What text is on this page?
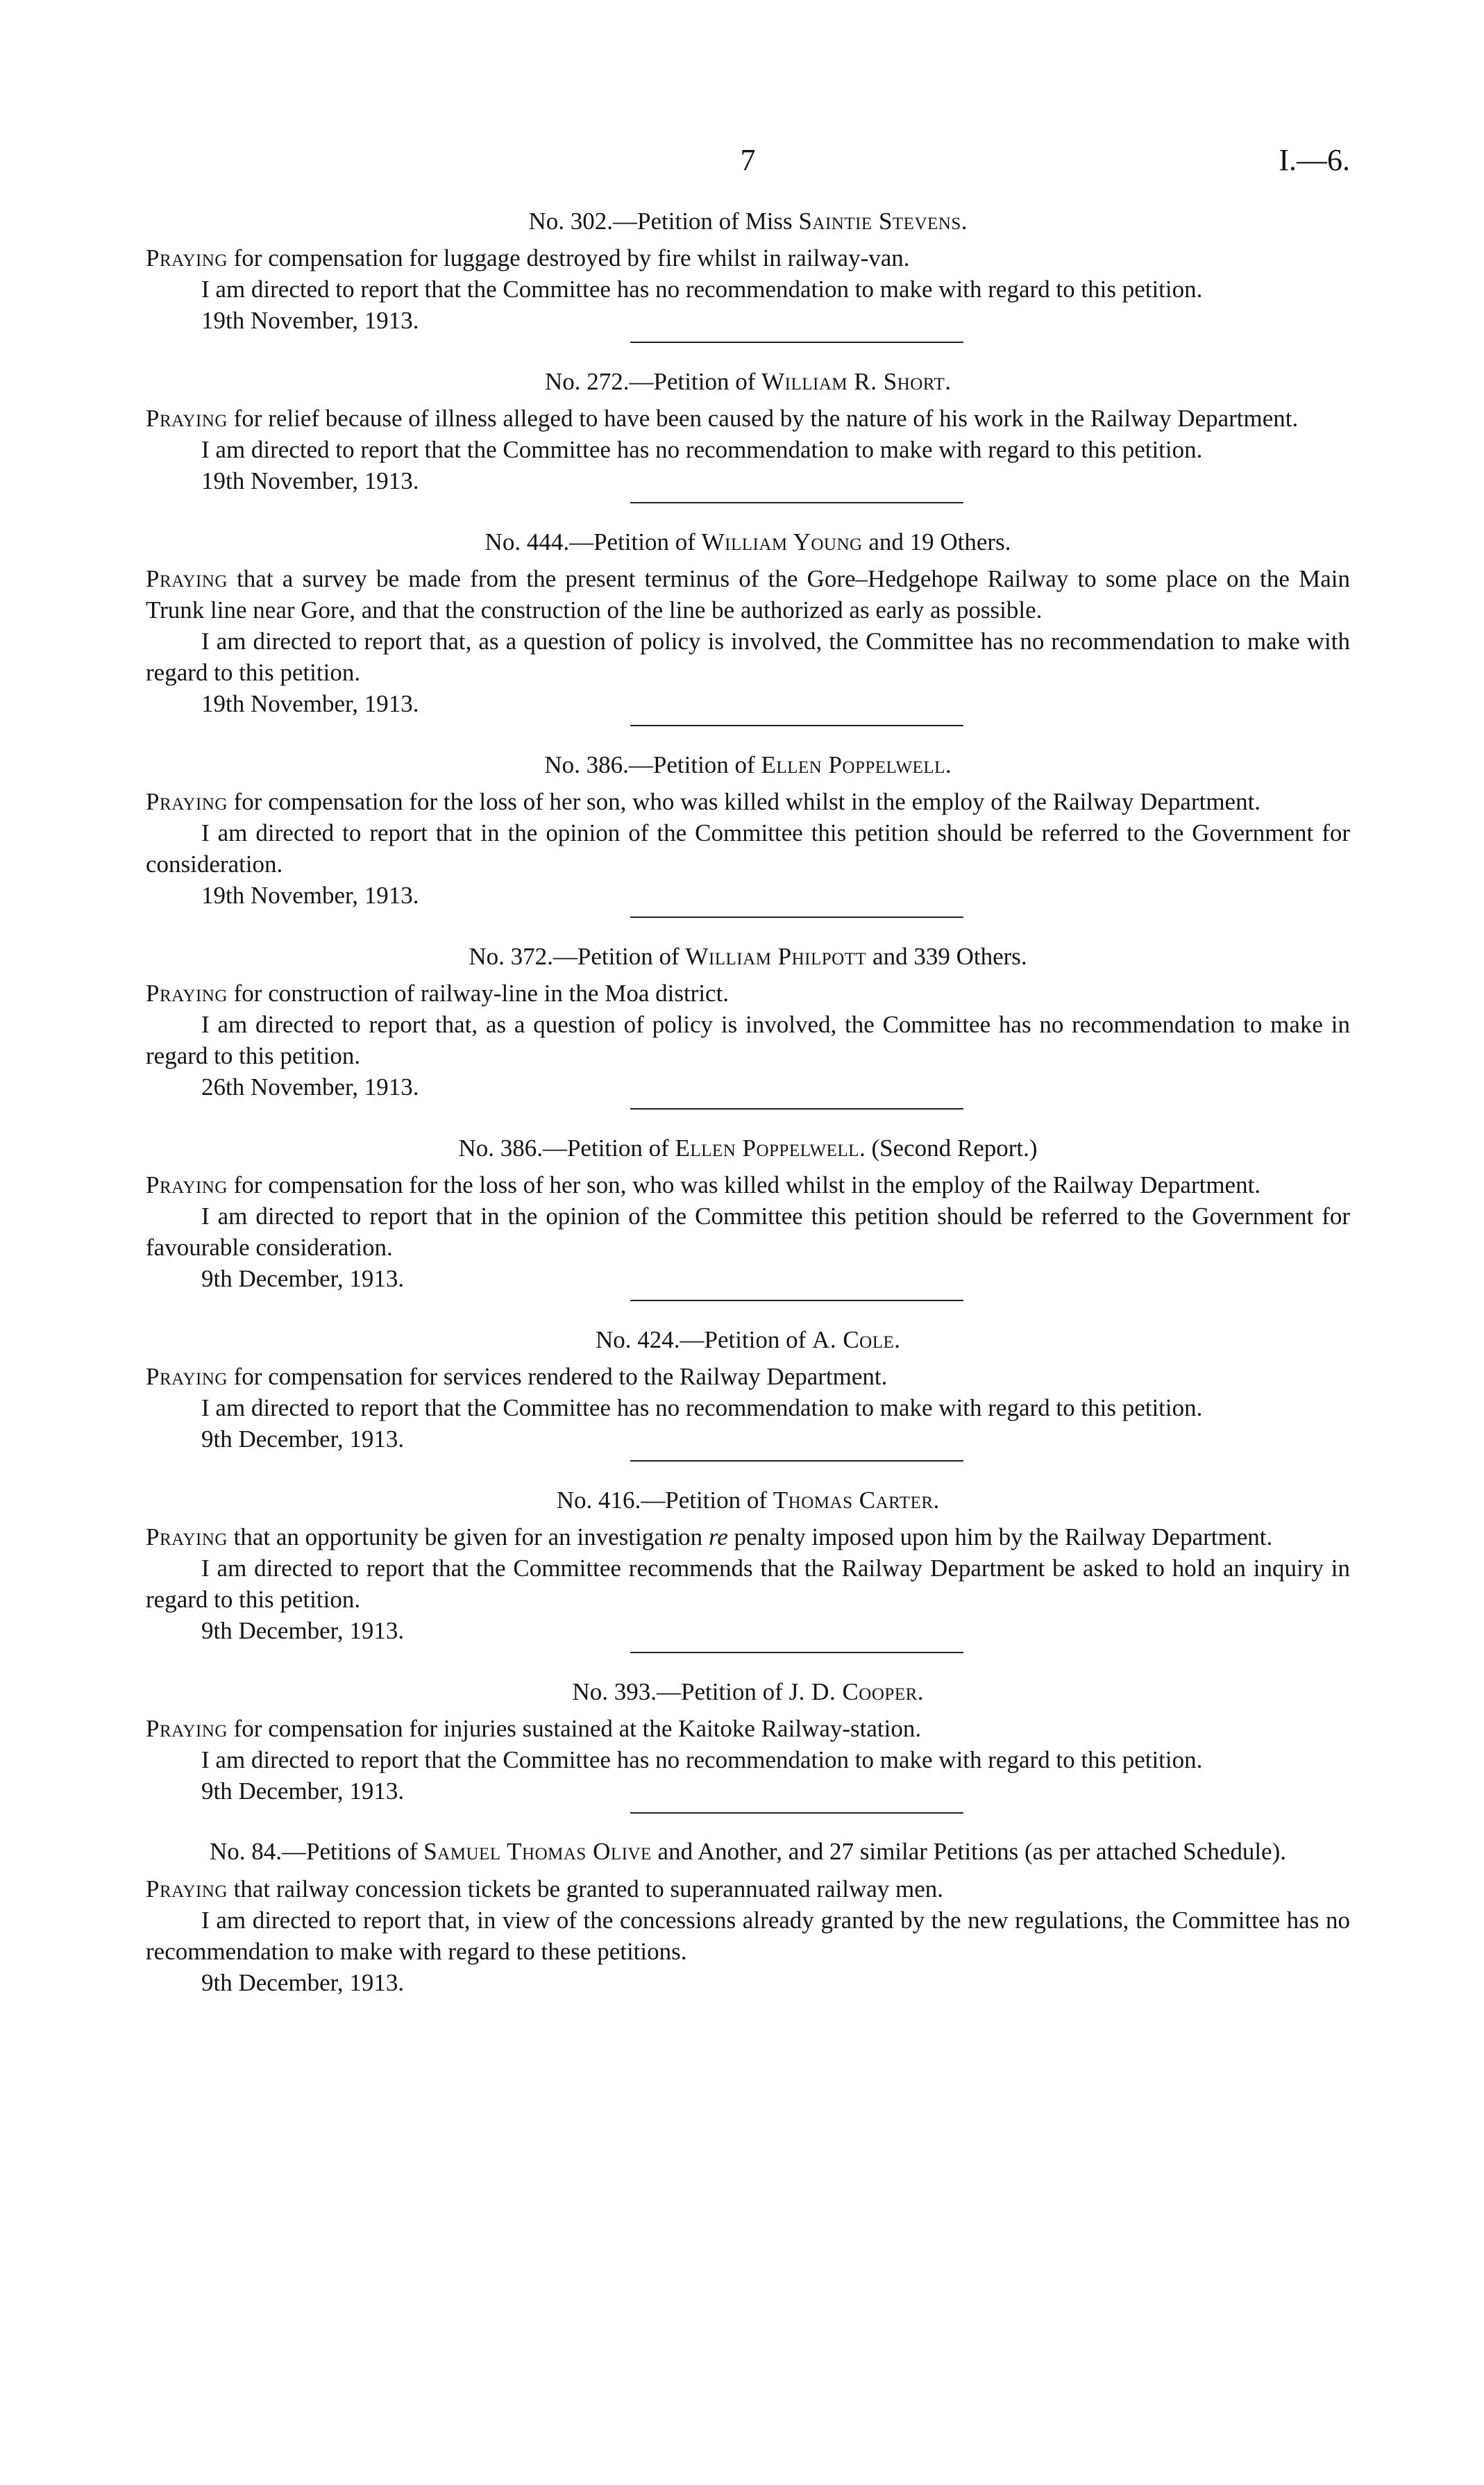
7	I.—6.
No. 302.—Petition of Miss Saintie Stevens.

Praying for compensation for luggage destroyed by fire whilst in railway-van.

I am directed to report that the Committee has no recommendation to make with regard to this petition.

19th November, 1913.

No. 272.—Petition of William R. Short.

Praying for relief because of illness alleged to have been caused by the nature of his work in the Railway Department.

I am directed to report that the Committee has no recommendation to make with regard to this petition.

19th November, 1913.

No. 444.—Petition of William Young and 19 Others.

Praying that a survey be made from the present terminus of the Gore–Hedgehope Railway to some place on the Main Trunk line near Gore, and that the construction of the line be authorized as early as possible.

I am directed to report that, as a question of policy is involved, the Committee has no recommendation to make with regard to this petition.

19th November, 1913.

No. 386.—Petition of Ellen Poppelwell.

Praying for compensation for the loss of her son, who was killed whilst in the employ of the Railway Department.

I am directed to report that in the opinion of the Committee this petition should be referred to the Government for consideration.

19th November, 1913.

No. 372.—Petition of William Philpott and 339 Others.

Praying for construction of railway-line in the Moa district.

I am directed to report that, as a question of policy is involved, the Committee has no recommendation to make in regard to this petition.

26th November, 1913.

No. 386.—Petition of Ellen Poppelwell. (Second Report.)

Praying for compensation for the loss of her son, who was killed whilst in the employ of the Railway Department.

I am directed to report that in the opinion of the Committee this petition should be referred to the Government for favourable consideration.

9th December, 1913.

No. 424.—Petition of A. Cole.

Praying for compensation for services rendered to the Railway Department.

I am directed to report that the Committee has no recommendation to make with regard to this petition.

9th December, 1913.

No. 416.—Petition of Thomas Carter.

Praying that an opportunity be given for an investigation re penalty imposed upon him by the Railway Department.

I am directed to report that the Committee recommends that the Railway Department be asked to hold an inquiry in regard to this petition.

9th December, 1913.

No. 393.—Petition of J. D. Cooper.

Praying for compensation for injuries sustained at the Kaitoke Railway-station.

I am directed to report that the Committee has no recommendation to make with regard to this petition.

9th December, 1913.

No. 84.—Petitions of Samuel Thomas Olive and Another, and 27 similar Petitions (as per attached Schedule).

Praying that railway concession tickets be granted to superannuated railway men.

I am directed to report that, in view of the concessions already granted by the new regulations, the Committee has no recommendation to make with regard to these petitions.

9th December, 1913.
